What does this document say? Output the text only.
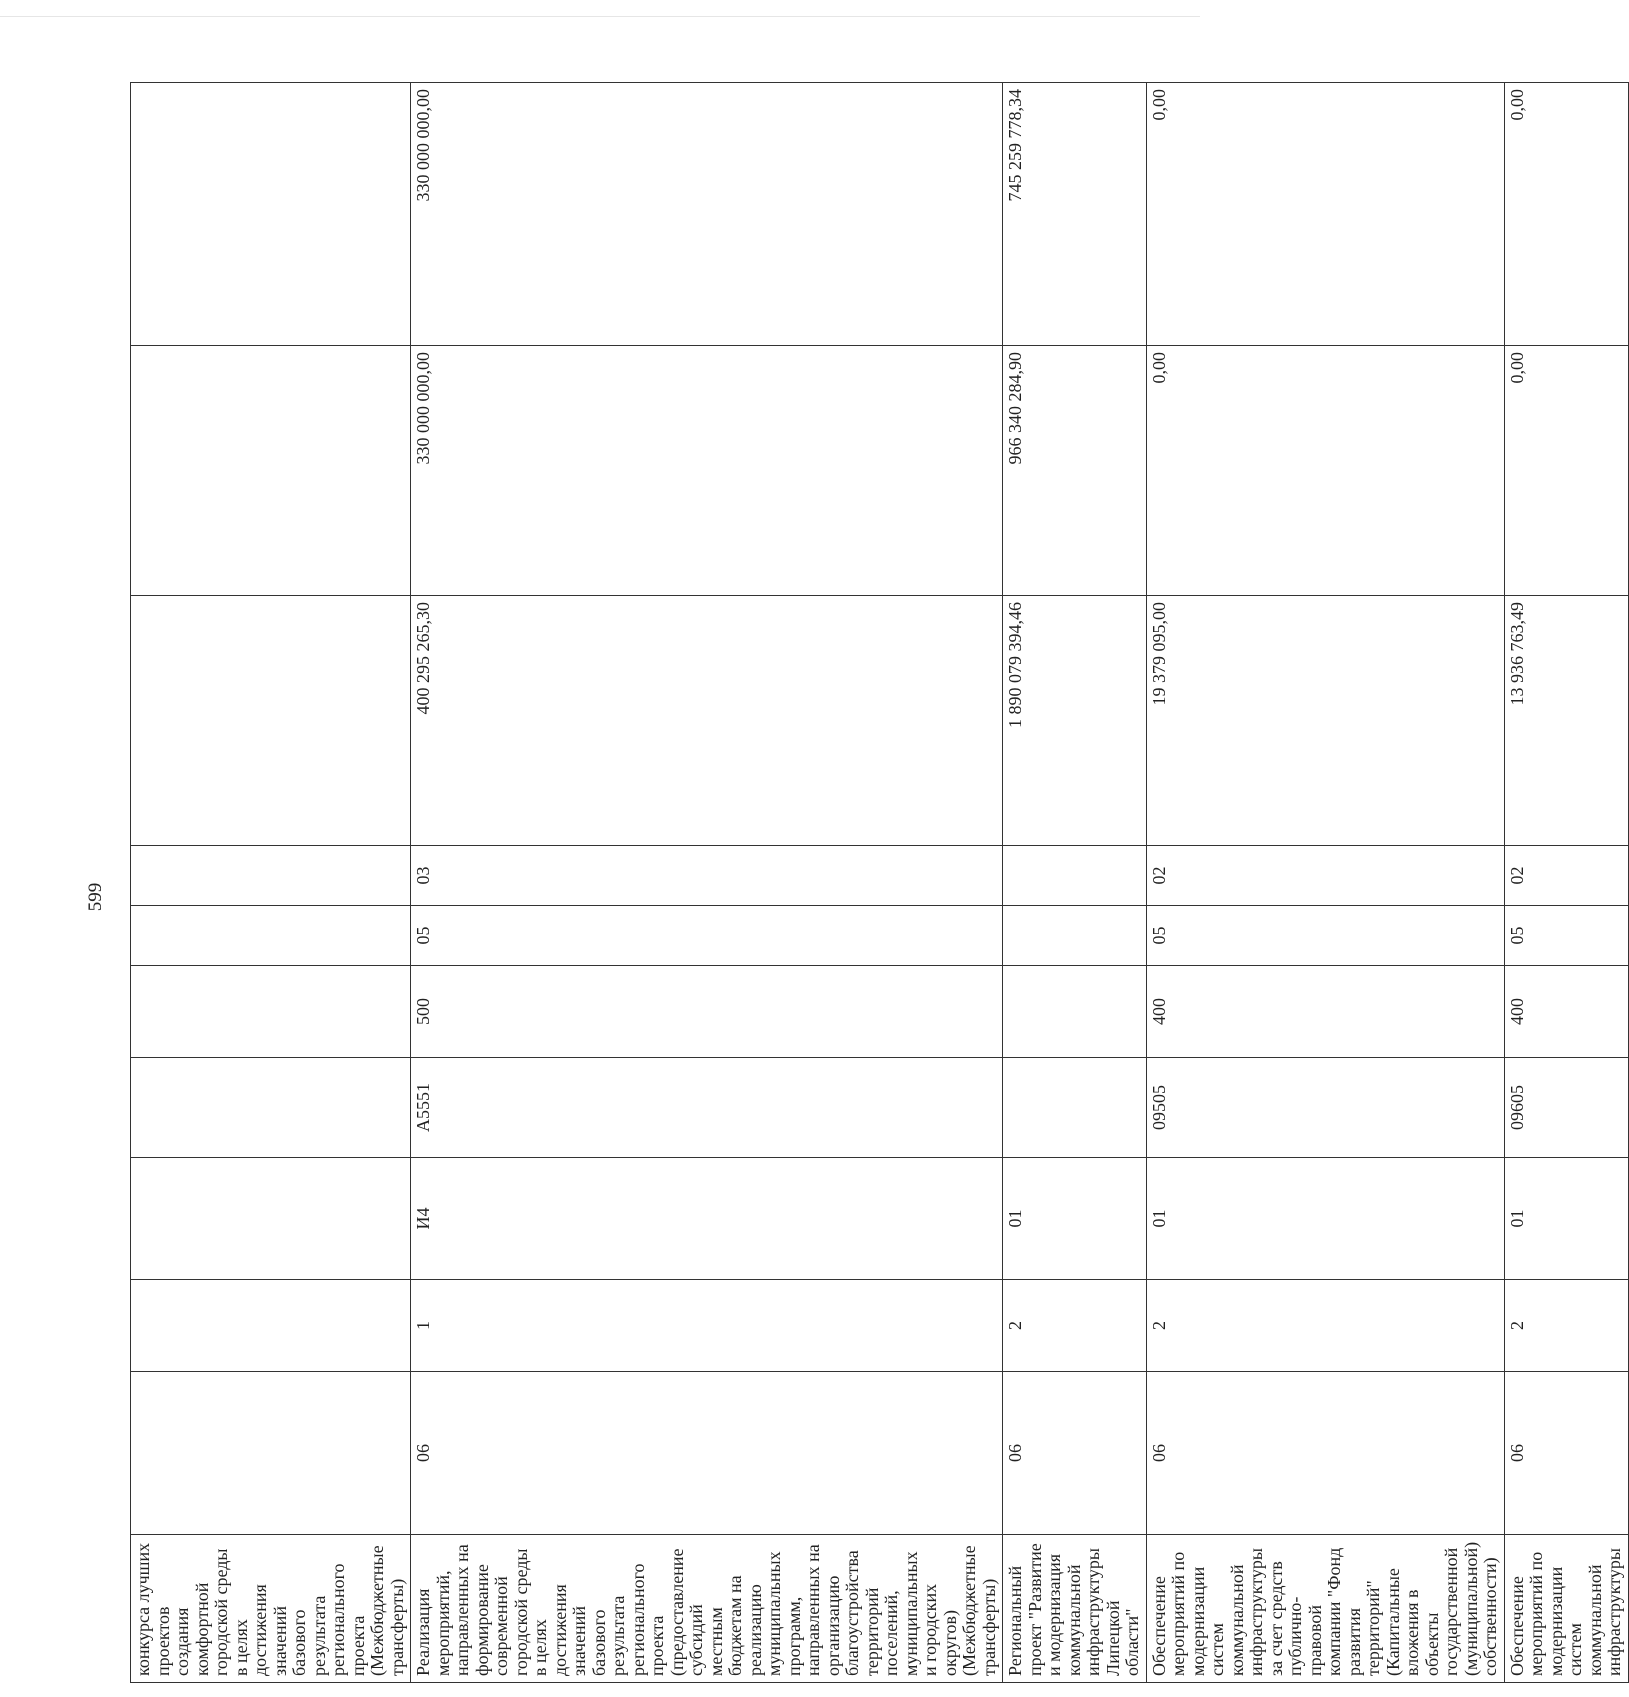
599
конкурса лучших проектов создания комфортной городской среды в целях достижения значений базового результата регионального проекта (Межбюджетные трансферты)										
Реализация мероприятий, направленных на формирование современной городской среды в целях достижения значений базового результата регионального проекта (предоставление субсидий местным бюджетам на реализацию муниципальных программ, направленных на организацию благоустройства территорий поселений, муниципальных и городских округов) (Межбюджетные трансферты)	06	1	И4	А5551	500	05	03	400 295 265,30	330 000 000,00	330 000 000,00
Региональный проект "Развитие и модернизация коммунальной инфраструктуры Липецкой области"	06	2	01					1 890 079 394,46	966 340 284,90	745 259 778,34
Обеспечение мероприятий по модернизации систем коммунальной инфраструктуры за счет средств публично-правовой компании "Фонд развития территорий" (Капитальные вложения в объекты государственной (муниципальной) собственности)	06	2	01	09505	400	05	02	19 379 095,00	0,00	0,00
Обеспечение мероприятий по модернизации систем коммунальной инфраструктуры	06	2	01	09605	400	05	02	13 936 763,49	0,00	0,00
